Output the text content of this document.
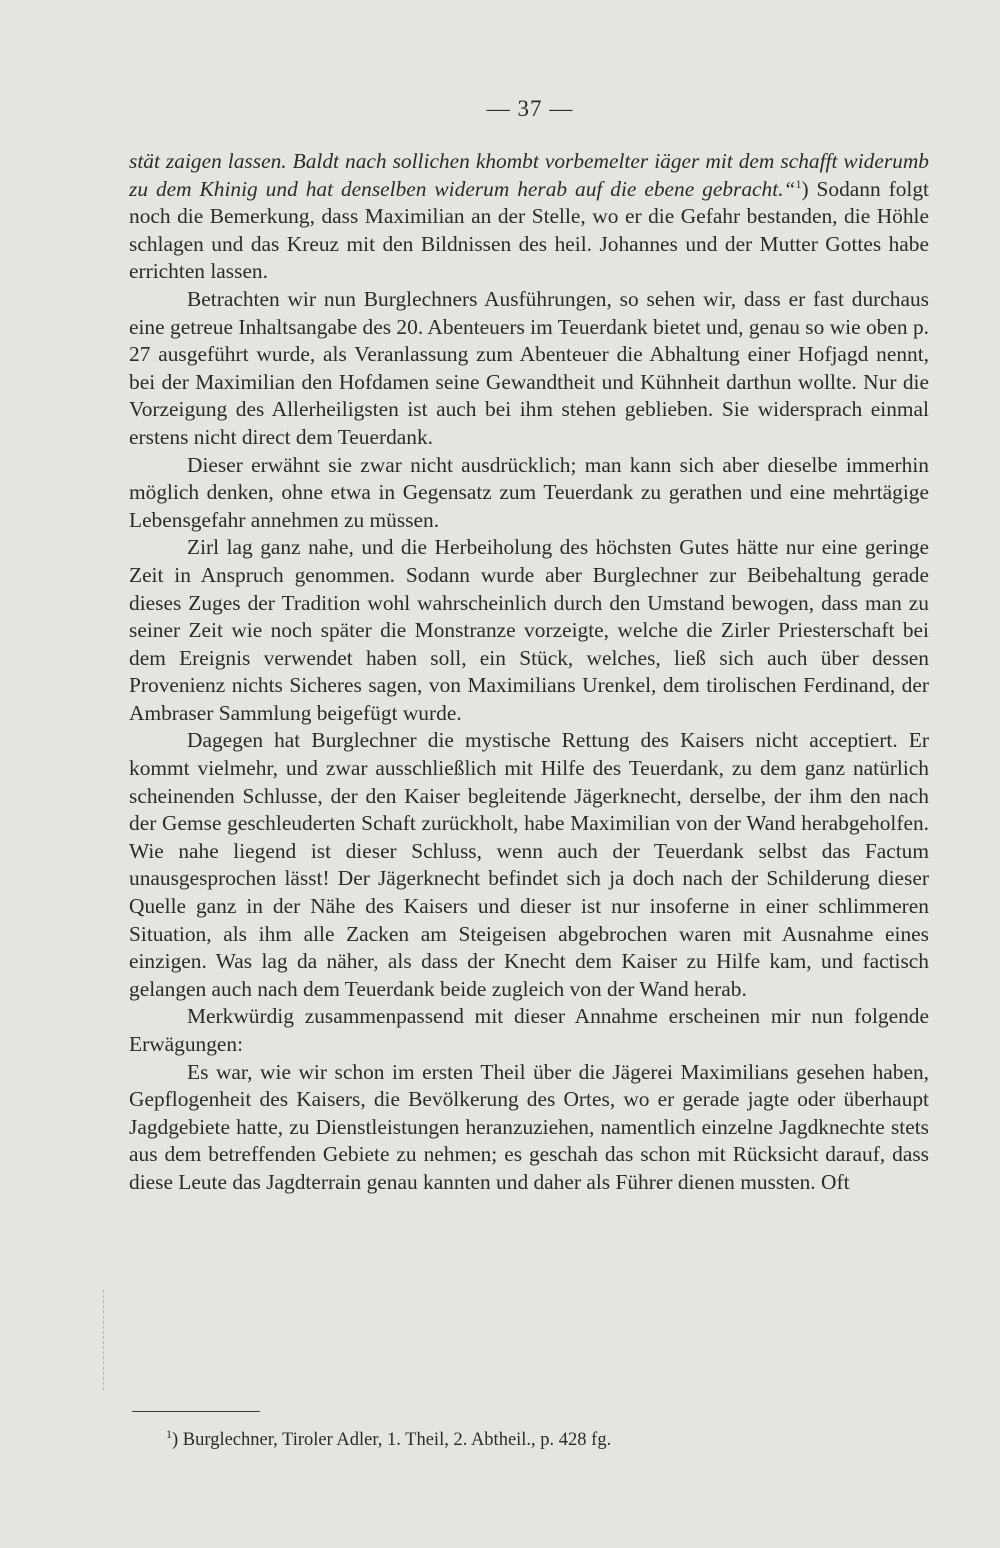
— 37 —

stät zaigen lassen. Baldt nach sollichen khombt vorbemelter iäger mit dem schafft widerumb zu dem Khinig und hat denselben widerum herab auf die ebene gebracht.“$^1$) Sodann folgt noch die Bemerkung, dass Maximilian an der Stelle, wo er die Gefahr bestanden, die Höhle schlagen und das Kreuz mit den Bildnissen des heil. Johannes und der Mutter Gottes habe errichten lassen.

Betrachten wir nun Burglechners Ausführungen, so sehen wir, dass er fast durchaus eine getreue Inhaltsangabe des 20. Abenteuers im Teuerdank bietet und, genau so wie oben p. 27 ausgeführt wurde, als Veranlassung zum Abenteuer die Abhaltung einer Hofjagd nennt, bei der Maximilian den Hofdamen seine Gewandtheit und Kühnheit darthun wollte. Nur die Vorzeigung des Allerheiligsten ist auch bei ihm stehen geblieben. Sie widersprach einmal erstens nicht direct dem Teuerdank.

Dieser erwähnt sie zwar nicht ausdrücklich; man kann sich aber dieselbe immerhin möglich denken, ohne etwa in Gegensatz zum Teuerdank zu gerathen und eine mehrtägige Lebensgefahr annehmen zu müssen.

Zirl lag ganz nahe, und die Herbeiholung des höchsten Gutes hätte nur eine geringe Zeit in Anspruch genommen. Sodann wurde aber Burglechner zur Beibehaltung gerade dieses Zuges der Tradition wohl wahrscheinlich durch den Umstand bewogen, dass man zu seiner Zeit wie noch später die Monstranze vorzeigte, welche die Zirler Priesterschaft bei dem Ereignis verwendet haben soll, ein Stück, welches, ließ sich auch über dessen Provenienz nichts Sicheres sagen, von Maximilians Urenkel, dem tirolischen Ferdinand, der Ambraser Sammlung beigefügt wurde.

Dagegen hat Burglechner die mystische Rettung des Kaisers nicht acceptiert. Er kommt vielmehr, und zwar ausschließlich mit Hilfe des Teuerdank, zu dem ganz natürlich scheinenden Schlusse, der den Kaiser begleitende Jägerknecht, derselbe, der ihm den nach der Gemse geschleuderten Schaft zurückholt, habe Maximilian von der Wand herabgeholfen. Wie nahe liegend ist dieser Schluss, wenn auch der Teuerdank selbst das Factum unausgesprochen lässt! Der Jägerknecht befindet sich ja doch nach der Schilderung dieser Quelle ganz in der Nähe des Kaisers und dieser ist nur insoferne in einer schlimmeren Situation, als ihm alle Zacken am Steigeisen abgebrochen waren mit Ausnahme eines einzigen. Was lag da näher, als dass der Knecht dem Kaiser zu Hilfe kam, und factisch gelangen auch nach dem Teuerdank beide zugleich von der Wand herab.

Merkwürdig zusammenpassend mit dieser Annahme erscheinen mir nun folgende Erwägungen:

Es war, wie wir schon im ersten Theil über die Jägerei Maximilians gesehen haben, Gepflogenheit des Kaisers, die Bevölkerung des Ortes, wo er gerade jagte oder überhaupt Jagdgebiete hatte, zu Dienstleistungen heranzuziehen, namentlich einzelne Jagdknechte stets aus dem betreffenden Gebiete zu nehmen; es geschah das schon mit Rücksicht darauf, dass diese Leute das Jagdterrain genau kannten und daher als Führer dienen mussten. Oft

$^1$) Burglechner, Tiroler Adler, 1. Theil, 2. Abtheil., p. 428 fg.
